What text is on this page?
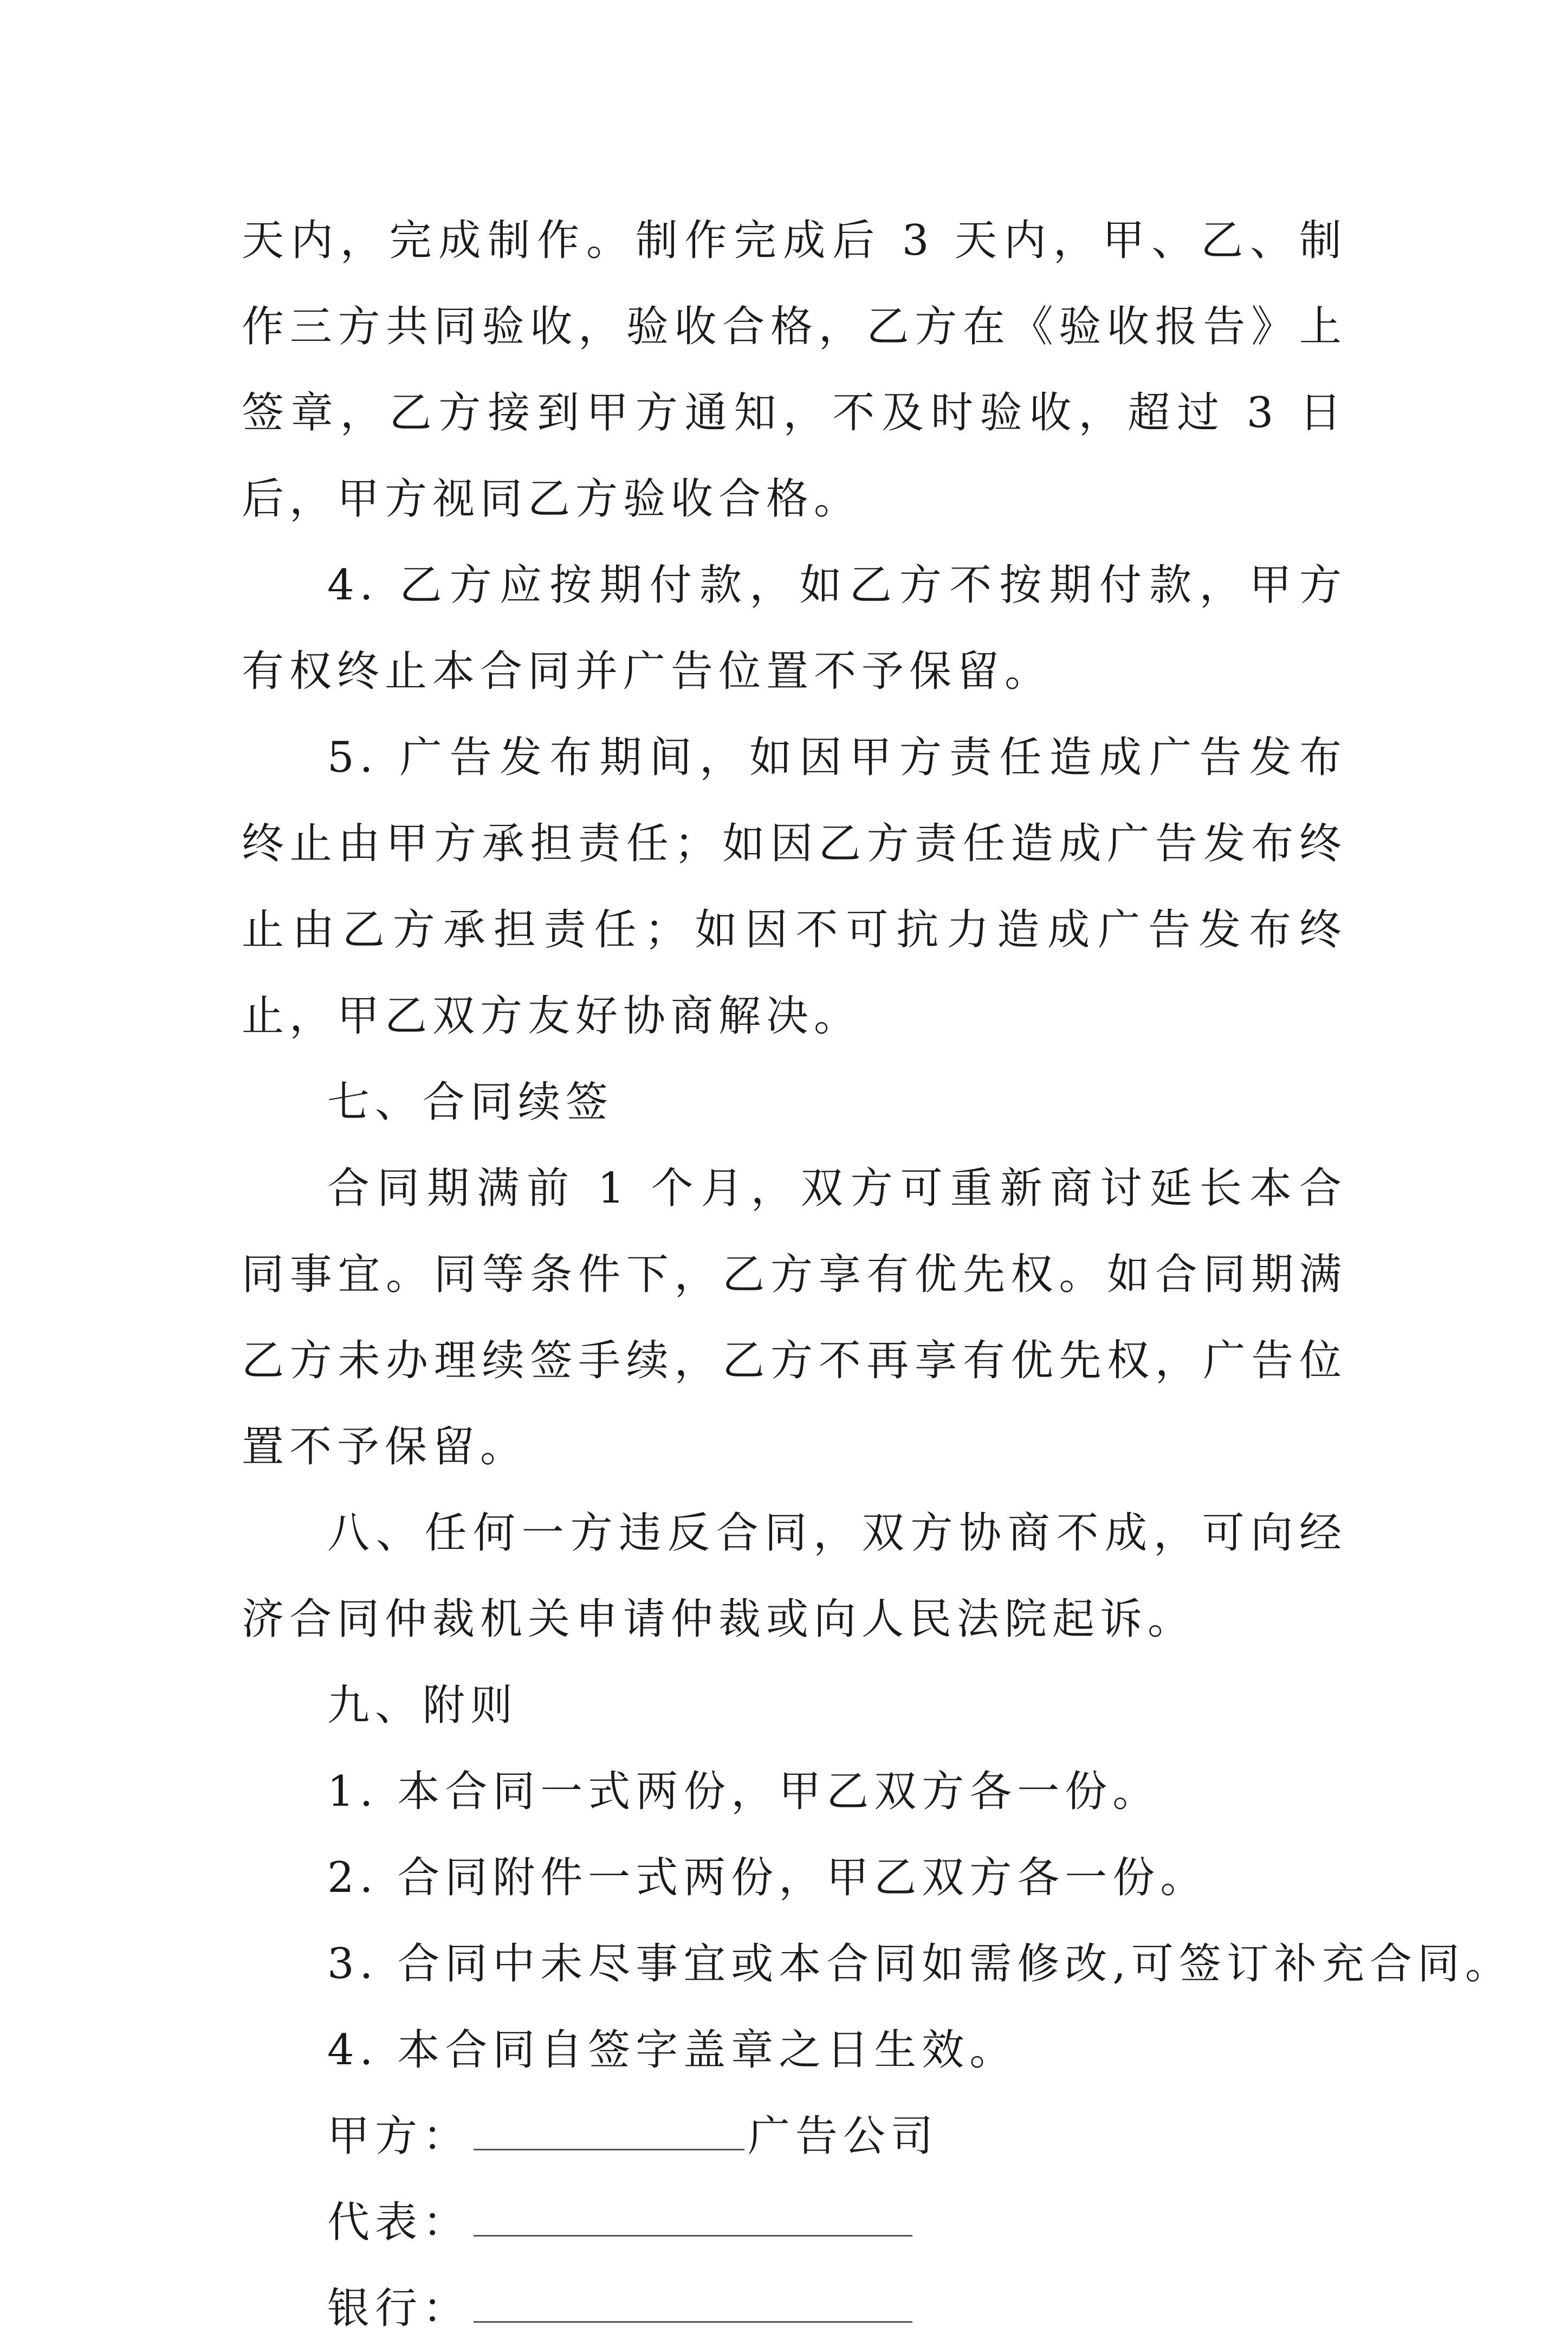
天内，完成制作。制作完成后 3 天内，甲、乙、制作三方共同验收，验收合格，乙方在《验收报告》上签章，乙方接到甲方通知，不及时验收，超过 3 日后，甲方视同乙方验收合格。

4. 乙方应按期付款，如乙方不按期付款，甲方有权终止本合同并广告位置不予保留。

5. 广告发布期间，如因甲方责任造成广告发布终止由甲方承担责任；如因乙方责任造成广告发布终止由乙方承担责任；如因不可抗力造成广告发布终止，甲乙双方友好协商解决。

七、合同续签

合同期满前 1 个月，双方可重新商讨延长本合同事宜。同等条件下，乙方享有优先权。如合同期满乙方未办理续签手续，乙方不再享有优先权，广告位置不予保留。

八、任何一方违反合同，双方协商不成，可向经济合同仲裁机关申请仲裁或向人民法院起诉。

九、附则

1. 本合同一式两份，甲乙双方各一份。

2. 合同附件一式两份，甲乙双方各一份。

3. 合同中未尽事宜或本合同如需修改,可签订补充合同。

4. 本合同自签字盖章之日生效。

甲方：	广告公司
代表：
银行：
